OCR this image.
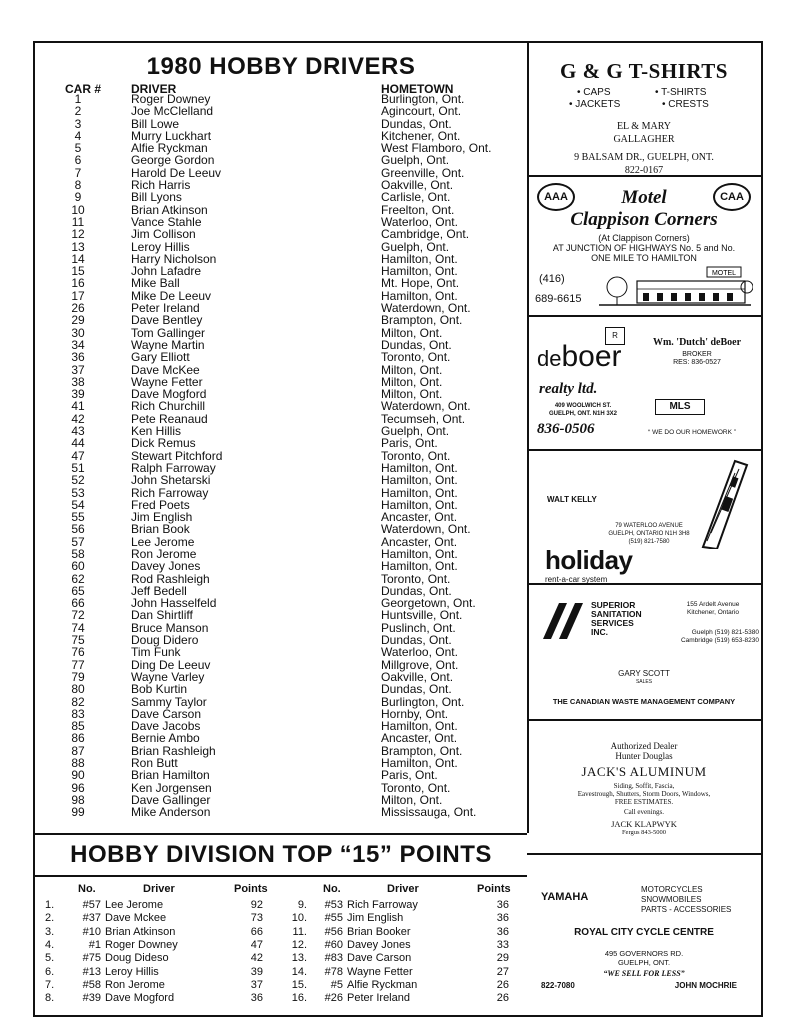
1980 HOBBY DRIVERS
CAR # DRIVER	HOMETOWN
1	Roger Downey	Burlington, Ont.
2	Joe McClelland	Agincourt, Ont.
3	Bill Lowe	Dundas, Ont.
4	Murry Luckhart	Kitchener, Ont.
5	Alfie Ryckman	West Flamboro, Ont.
6	George Gordon	Guelph, Ont.
7	Harold De Leeuv	Greenville, Ont.
8	Rich Harris	Oakville, Ont.
9	Bill Lyons	Carlisle, Ont.
10	Brian Atkinson	Freelton, Ont.
11	Vance Stahle	Waterloo, Ont.
12	Jim Collison	Cambridge, Ont.
13	Leroy Hillis	Guelph, Ont.
14	Harry Nicholson	Hamilton, Ont.
15	John Lafadre	Hamilton, Ont.
16	Mike Ball	Mt. Hope, Ont.
17	Mike De Leeuv	Hamilton, Ont.
26	Peter Ireland	Waterdown, Ont.
29	Dave Bentley	Brampton, Ont.
30	Tom Gallinger	Milton, Ont.
34	Wayne Martin	Dundas, Ont.
36	Gary Elliott	Toronto, Ont.
37	Dave McKee	Milton, Ont.
38	Wayne Fetter	Milton, Ont.
39	Dave Mogford	Milton, Ont.
41	Rich Churchill	Waterdown, Ont.
42	Pete Reanaud	Tecumseh, Ont.
43	Ken Hillis	Guelph, Ont.
44	Dick Remus	Paris, Ont.
47	Stewart Pitchford	Toronto, Ont.
51	Ralph Farroway	Hamilton, Ont.
52	John Shetarski	Hamilton, Ont.
53	Rich Farroway	Hamilton, Ont.
54	Fred Poets	Hamilton, Ont.
55	Jim English	Ancaster, Ont.
56	Brian Book	Waterdown, Ont.
57	Lee Jerome	Ancaster, Ont.
58	Ron Jerome	Hamilton, Ont.
60	Davey Jones	Hamilton, Ont.
62	Rod Rashleigh	Toronto, Ont.
65	Jeff Bedell	Dundas, Ont.
66	John Hasselfeld	Georgetown, Ont.
72	Dan Shirtliff	Huntsville, Ont.
74	Bruce Manson	Puslinch, Ont.
75	Doug Didero	Dundas, Ont.
76	Tim Funk	Waterloo, Ont.
77	Ding De Leeuv	Millgrove, Ont.
79	Wayne Varley	Oakville, Ont.
80	Bob Kurtin	Dundas, Ont.
82	Sammy Taylor	Burlington, Ont.
83	Dave Carson	Hornby, Ont.
85	Dave Jacobs	Hamilton, Ont.
86	Bernie Ambo	Ancaster, Ont.
87	Brian Rashleigh	Brampton, Ont.
88	Ron Butt	Hamilton, Ont.
90	Brian Hamilton	Paris, Ont.
96	Ken Jorgensen	Toronto, Ont.
98	Dave Gallinger	Milton, Ont.
99	Mike Anderson	Mississauga, Ont.
HOBBY DIVISION TOP “15” POINTS
No.	Driver	Points	No.	Driver	Points
1.	#57 Lee Jerome	92
2.	#37 Dave Mckee	73
3.	#10 Brian Atkinson	66
4.	#1 Roger Downey	47
5.	#75 Doug Dideso	42
6.	#13 Leroy Hillis	39
7.	#58 Ron Jerome	37
8.	#39 Dave Mogford	36
9.	#53 Rich Farroway	36
10.	#55 Jim English	36
11.	#56 Brian Booker	36
12.	#60 Davey Jones	33
13.	#83 Dave Carson	29
14.	#78 Wayne Fetter	27
15.	#5 Alfie Ryckman	26
16.	#26 Peter Ireland	26
G & G T-SHIRTS
• CAPS	• T-SHIRTS
• JACKETS	• CRESTS
EL & MARY
GALLAGHER
9 BALSAM DR., GUELPH, ONT.
822-0167
AAA	CAA
Motel
Clappison Corners
(At Clappison Corners)
AT JUNCTION OF HIGHWAYS No. 5 and No.
ONE MILE TO HAMILTON
(416)
689-6615
MOTEL
R
deboer	Wm. 'Dutch' deBoer
BROKER
RES: 836-0527
realty ltd.
409 WOOLWICH ST.
GUELPH, ONT. N1H 3X2
MLS
836-0506	“ WE DO OUR HOMEWORK ”
WALT KELLY
79 WATERLOO AVENUE
GUELPH, ONTARIO N1H 3H8
(519) 821-7580
holiday
rent-a-car system
SUPERIOR
SANITATION
SERVICES
INC.
155 Ardelt Avenue
Kitchener, Ontario
Guelph (519) 821-5380
Cambridge (519) 653-8230
GARY SCOTT
SALES
THE CANADIAN WASTE MANAGEMENT COMPANY
Authorized Dealer
Hunter Douglas
JACK'S ALUMINUM
Siding, Soffit, Fascia,
Eavestrough, Shutters, Storm Doors, Windows,
FREE ESTIMATES.
Call evenings.
JACK KLAPWYK
Fergus 843-5000
YAMAHA
MOTORCYCLES
SNOWMOBILES
PARTS - ACCESSORIES
ROYAL CITY CYCLE CENTRE
495 GOVERNORS RD.
GUELPH, ONT.
“WE SELL FOR LESS”
822-7080	JOHN MOCHRIE
